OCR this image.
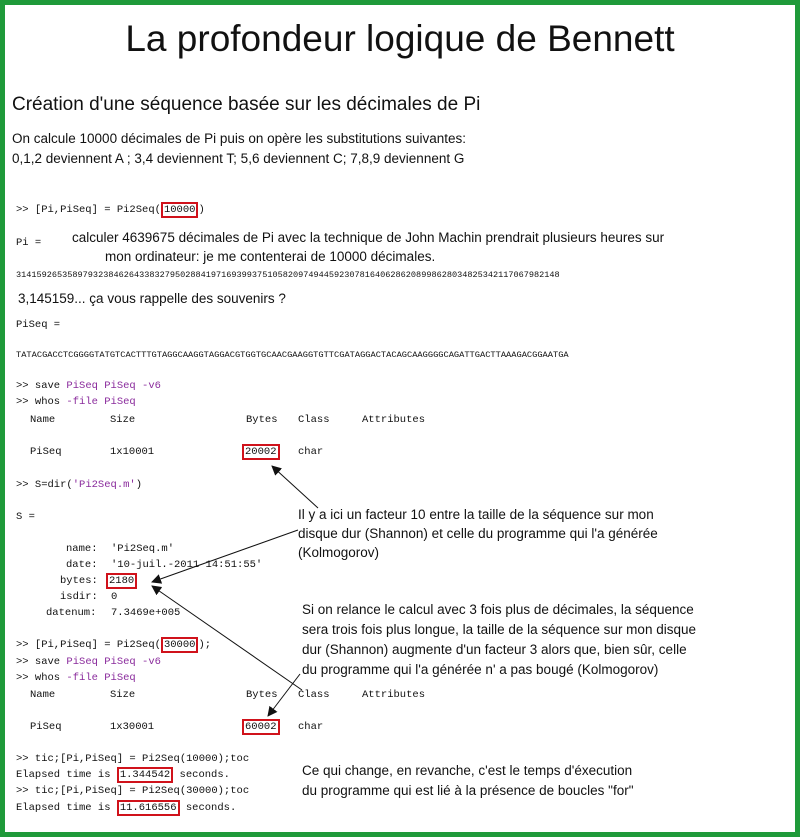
La profondeur logique de Bennett
Création d'une séquence basée sur les décimales de Pi
On calcule 10000 décimales de Pi puis on opère les substitutions suivantes:
0,1,2 deviennent A ; 3,4 deviennent T; 5,6 deviennent C; 7,8,9 deviennent G
>> [Pi,PiSeq] = Pi2Seq( 10000 )
Pi = calculer 4639675 décimales de Pi avec la technique de John Machin prendrait plusieurs heures sur
mon ordinateur: je me contenterai de 10000 décimales.
3141592653589793238462643383279502884197169399375105820974944592307816406286208998628034825342117067982148
3,145159... ça vous rappelle des souvenirs ?
PiSeq =
TATACGACCTCGGGGTATGTCACTTTGTAGGCAAGGTAGGACGTGGTGCAACGAAGGTGTTCGATAGGACTACAGCAAGGGGCAGATTGACTTAAAGACGGAATGA
>> save PiSeq PiSeq -v6
>> whos -file PiSeq
Name	Size	Bytes Class	Attributes
PiSeq	1x10001	20002 char
>> S=dir('Pi2Seq.m')
S =
name: 'Pi2Seq.m'
date: '10-juil.-2011 14:51:55'
bytes: 2180
isdir: 0
datenum: 7.3469e+005
Il y a ici un facteur 10 entre la taille de la séquence sur mon
disque dur (Shannon) et celle du programme qui l'a générée
(Kolmogorov)
Si on relance le calcul avec 3 fois plus de décimales, la séquence
sera trois fois plus longue, la taille de la séquence sur mon disque
dur (Shannon) augmente d'un facteur 3 alors que, bien sûr, celle
du programme qui l'a générée n' a pas bougé (Kolmogorov)
>> [Pi,PiSeq] = Pi2Seq( 30000 );
>> save PiSeq PiSeq -v6
>> whos -file PiSeq
Name	Size	Bytes Class	Attributes
PiSeq	1x30001	60002 char
>> tic;[Pi,PiSeq] = Pi2Seq(10000);toc
Elapsed time is 1.344542 seconds.
>> tic;[Pi,PiSeq] = Pi2Seq(30000);toc
Elapsed time is 11.616556 seconds.
Ce qui change, en revanche, c'est le temps d'éxecution
du programme qui est lié à la présence de boucles "for"
